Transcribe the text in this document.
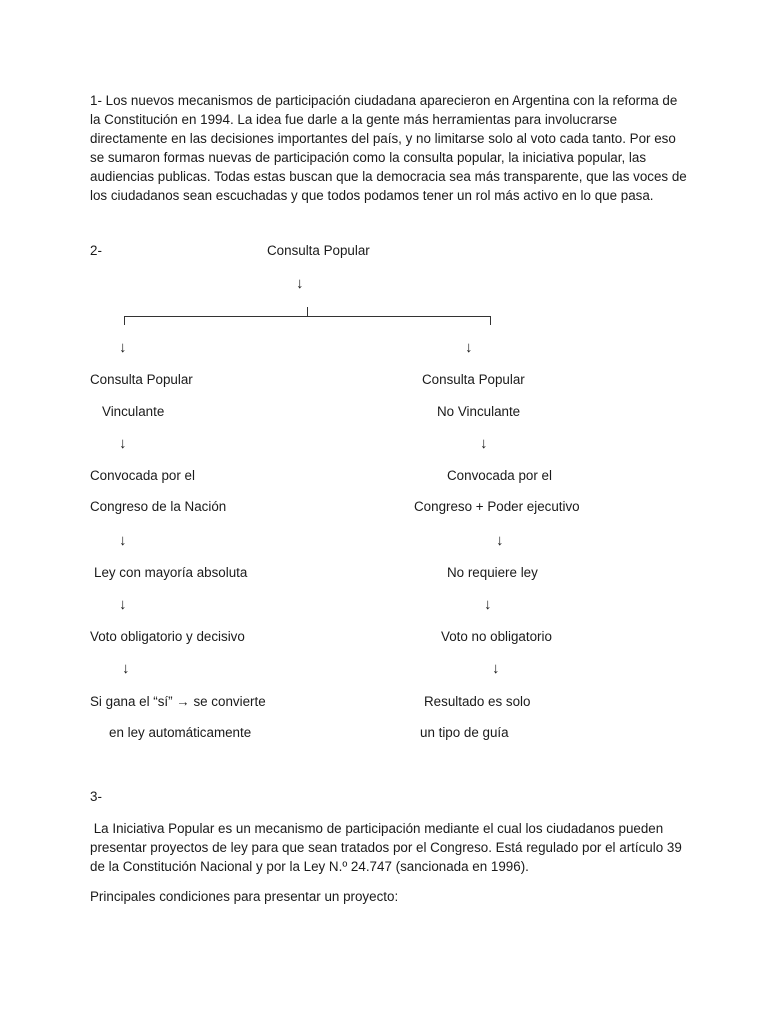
1- Los nuevos mecanismos de participación ciudadana aparecieron en Argentina con la reforma de la Constitución en 1994. La idea fue darle a la gente más herramientas para involucrarse directamente en las decisiones importantes del país, y no limitarse solo al voto cada tanto. Por eso se sumaron formas nuevas de participación como la consulta popular, la iniciativa popular, las audiencias publicas. Todas estas buscan que la democracia sea más transparente, que las voces de los ciudadanos sean escuchadas y que todos podamos tener un rol más activo en lo que pasa.
2-	Consulta Popular
↓
↓
Consulta Popular
Vinculante
↓
Convocada por el
Congreso de la Nación
↓
Ley con mayoría absoluta
↓
Voto obligatorio y decisivo
↓
Si gana el “sí” → se convierte
en ley automáticamente
↓
Consulta Popular
No Vinculante
↓
Convocada por el
Congreso + Poder ejecutivo
↓
No requiere ley
↓
Voto no obligatorio
↓
Resultado es solo
un tipo de guía
3-
La Iniciativa Popular es un mecanismo de participación mediante el cual los ciudadanos pueden presentar proyectos de ley para que sean tratados por el Congreso. Está regulado por el artículo 39 de la Constitución Nacional y por la Ley N.º 24.747 (sancionada en 1996).
Principales condiciones para presentar un proyecto:
